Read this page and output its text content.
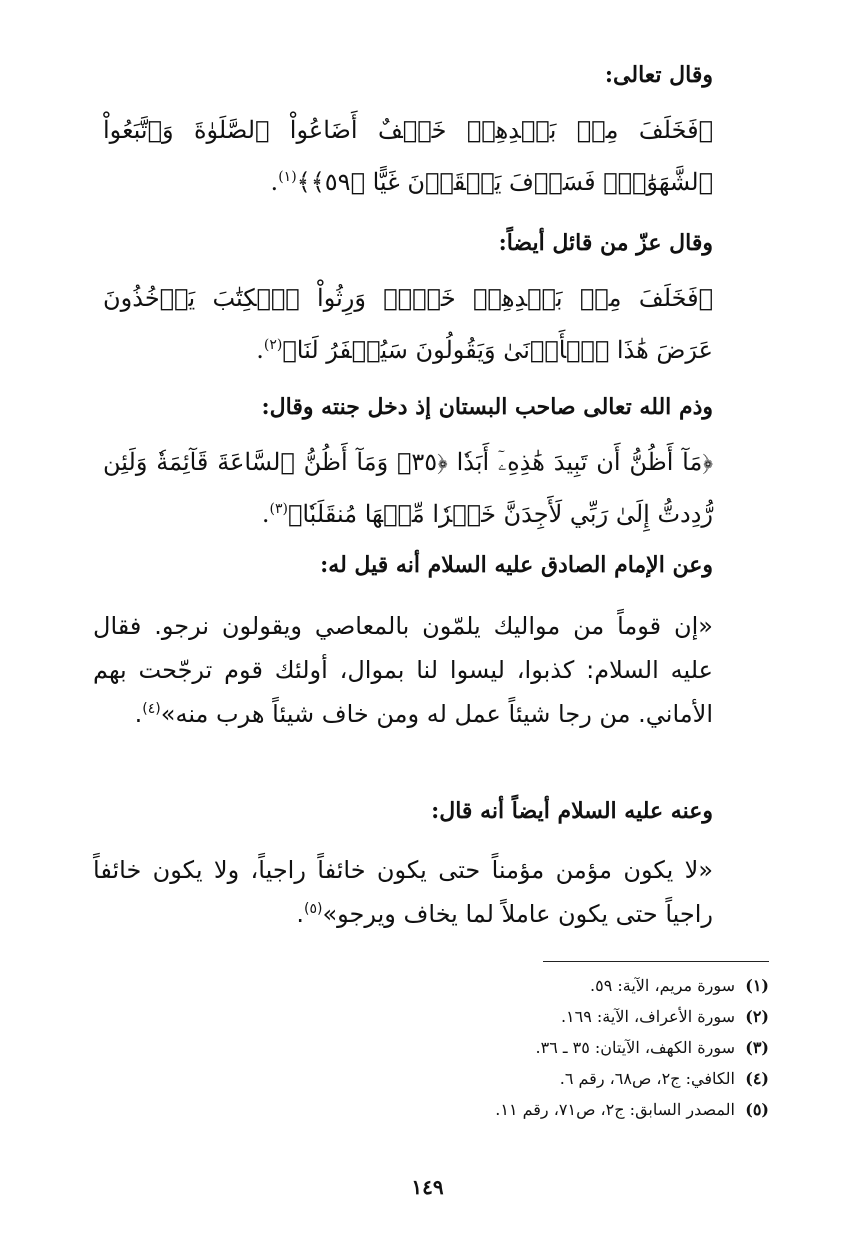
وقال تعالى:
﴿فَخَلَفَ مِنۢ بَعۡدِهِمۡ خَلۡفٌ أَضَاعُواْ ٱلصَّلَوٰةَ وَٱتَّبَعُواْ ٱلشَّهَوَٰتِۖ فَسَوۡفَ يَلۡقَوۡنَ غَيًّا ﴿٥٩﴾﴾$^{(١)}$.
وقال عزّ من قائل أيضاً:
﴿فَخَلَفَ مِنۢ بَعۡدِهِمۡ خَلۡفٞ وَرِثُواْ ٱلۡكِتَٰبَ يَأۡخُذُونَ عَرَضَ هَٰذَا ٱلۡأَدۡنَىٰ وَيَقُولُونَ سَيُغۡفَرُ لَنَا﴾$^{(٢)}$.
وذم الله تعالى صاحب البستان إذ دخل جنته وقال:
﴿مَآ أَظُنُّ أَن تَبِيدَ هَٰذِهِۦٓ أَبَدٗا ﴿٣٥﴾ وَمَآ أَظُنُّ ٱلسَّاعَةَ قَآئِمَةٗ وَلَئِن رُّدِدتُّ إِلَىٰ رَبِّي لَأَجِدَنَّ خَيۡرٗا مِّنۡهَا مُنقَلَبٗا﴾$^{(٣)}$.
وعن الإمام الصادق عليه السلام أنه قيل له:
«إن قوماً من مواليك يلمّون بالمعاصي ويقولون نرجو. فقال عليه السلام: كذبوا، ليسوا لنا بموال، أولئك قوم ترجّحت بهم الأماني. من رجا شيئاً عمل له ومن خاف شيئاً هرب منه»$^{(٤)}$.
وعنه عليه السلام أيضاً أنه قال:
«لا يكون مؤمن مؤمناً حتى يكون خائفاً راجياً، ولا يكون خائفاً راجياً حتى يكون عاملاً لما يخاف ويرجو»$^{(٥)}$.
(١)سورة مريم، الآية: ٥٩.
(٢)سورة الأعراف، الآية: ١٦٩.
(٣)سورة الكهف، الآيتان: ٣٥ ـ ٣٦.
(٤)الكافي: ج٢، ص٦٨، رقم ٦.
(٥)المصدر السابق: ج٢، ص٧١، رقم ١١.
١٤٩
